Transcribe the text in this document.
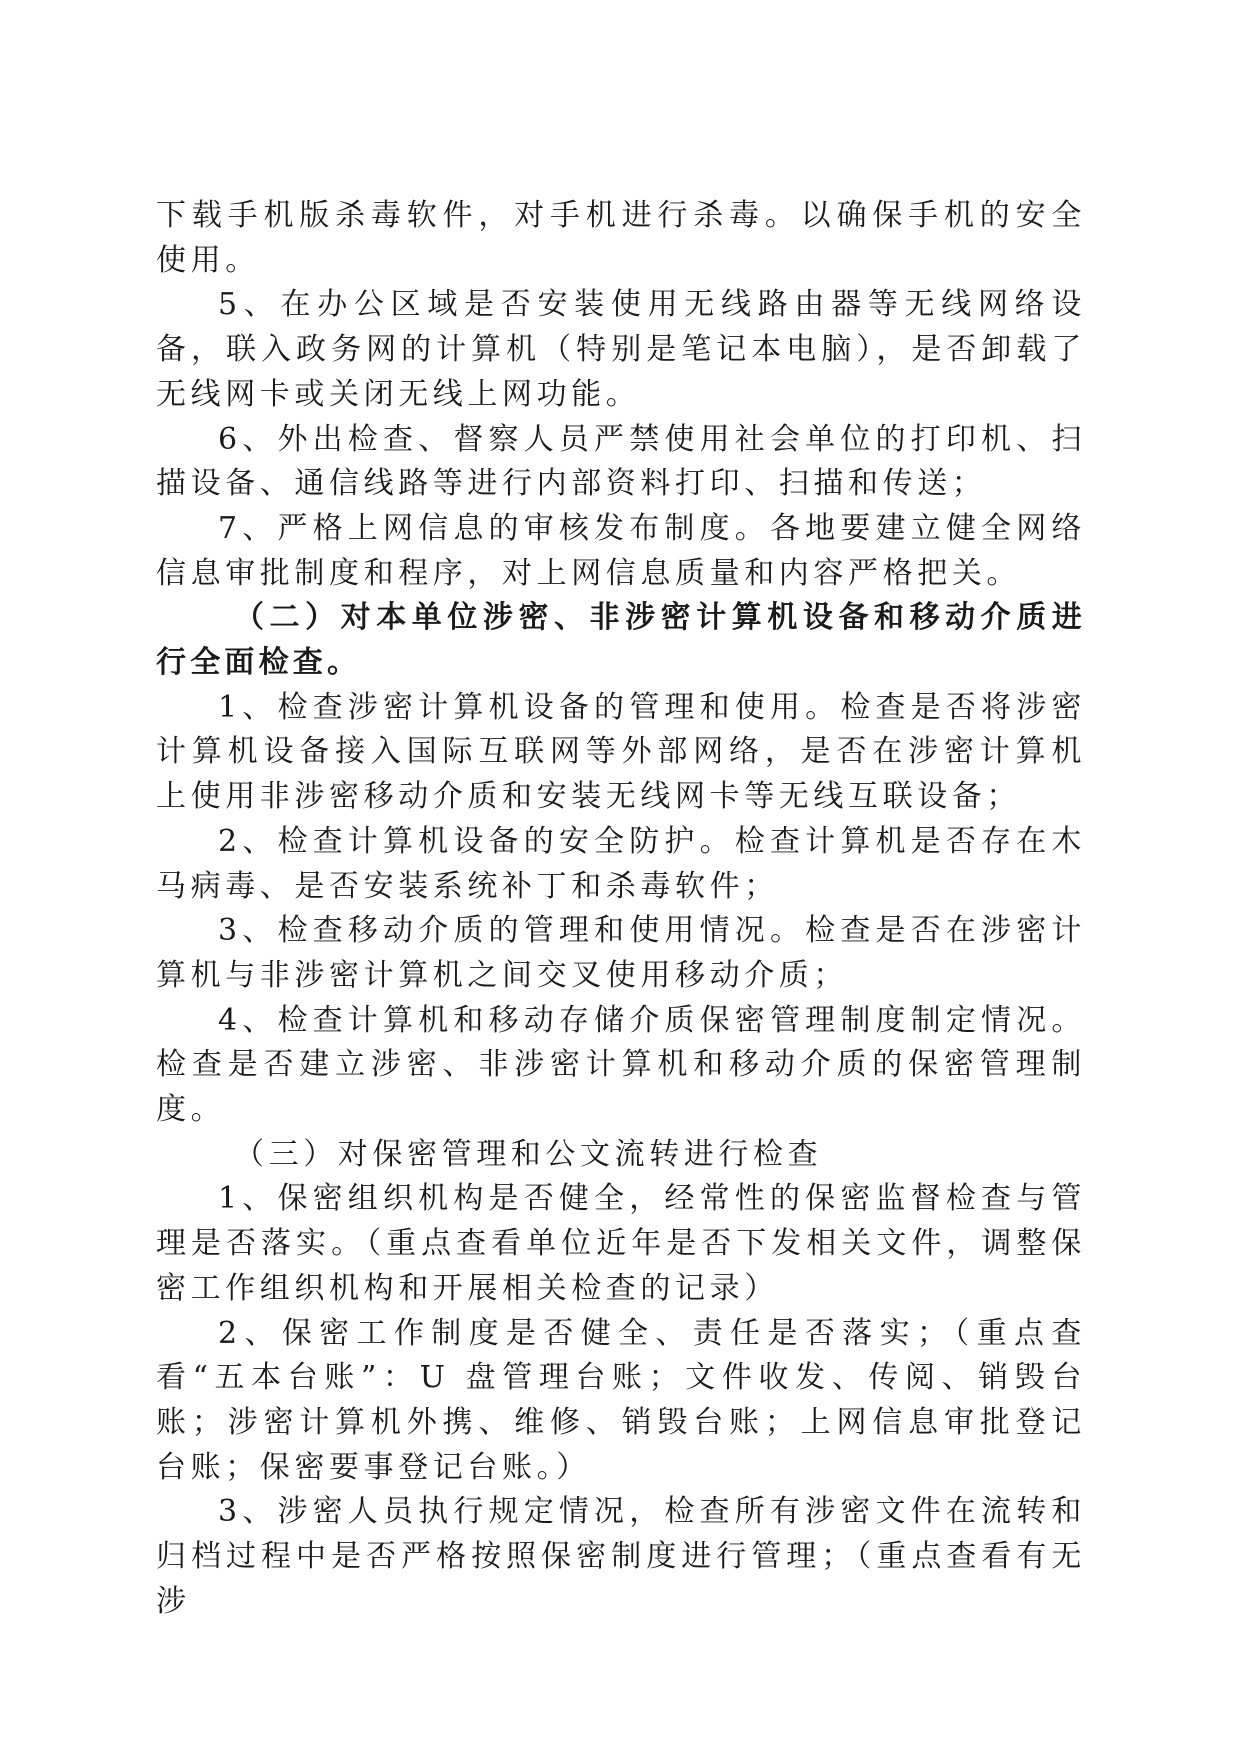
下载手机版杀毒软件，对手机进行杀毒。以确保手机的安全使用。

5、在办公区域是否安装使用无线路由器等无线网络设备，联入政务网的计算机（特别是笔记本电脑），是否卸载了无线网卡或关闭无线上网功能。

6、外出检查、督察人员严禁使用社会单位的打印机、扫描设备、通信线路等进行内部资料打印、扫描和传送；

7、严格上网信息的审核发布制度。各地要建立健全网络信息审批制度和程序，对上网信息质量和内容严格把关。

（二）对本单位涉密、非涉密计算机设备和移动介质进行全面检查。

1、检查涉密计算机设备的管理和使用。检查是否将涉密计算机设备接入国际互联网等外部网络，是否在涉密计算机上使用非涉密移动介质和安装无线网卡等无线互联设备；

2、检查计算机设备的安全防护。检查计算机是否存在木马病毒、是否安装系统补丁和杀毒软件；

3、检查移动介质的管理和使用情况。检查是否在涉密计算机与非涉密计算机之间交叉使用移动介质；

4、检查计算机和移动存储介质保密管理制度制定情况。检查是否建立涉密、非涉密计算机和移动介质的保密管理制度。

（三）对保密管理和公文流转进行检查

1、保密组织机构是否健全，经常性的保密监督检查与管理是否落实。（重点查看单位近年是否下发相关文件，调整保密工作组织机构和开展相关检查的记录）

2、保密工作制度是否健全、责任是否落实；（重点查看“五本台账”：U 盘管理台账；文件收发、传阅、销毁台账；涉密计算机外携、维修、销毁台账；上网信息审批登记台账；保密要事登记台账。）

3、涉密人员执行规定情况，检查所有涉密文件在流转和归档过程中是否严格按照保密制度进行管理；（重点查看有无涉
